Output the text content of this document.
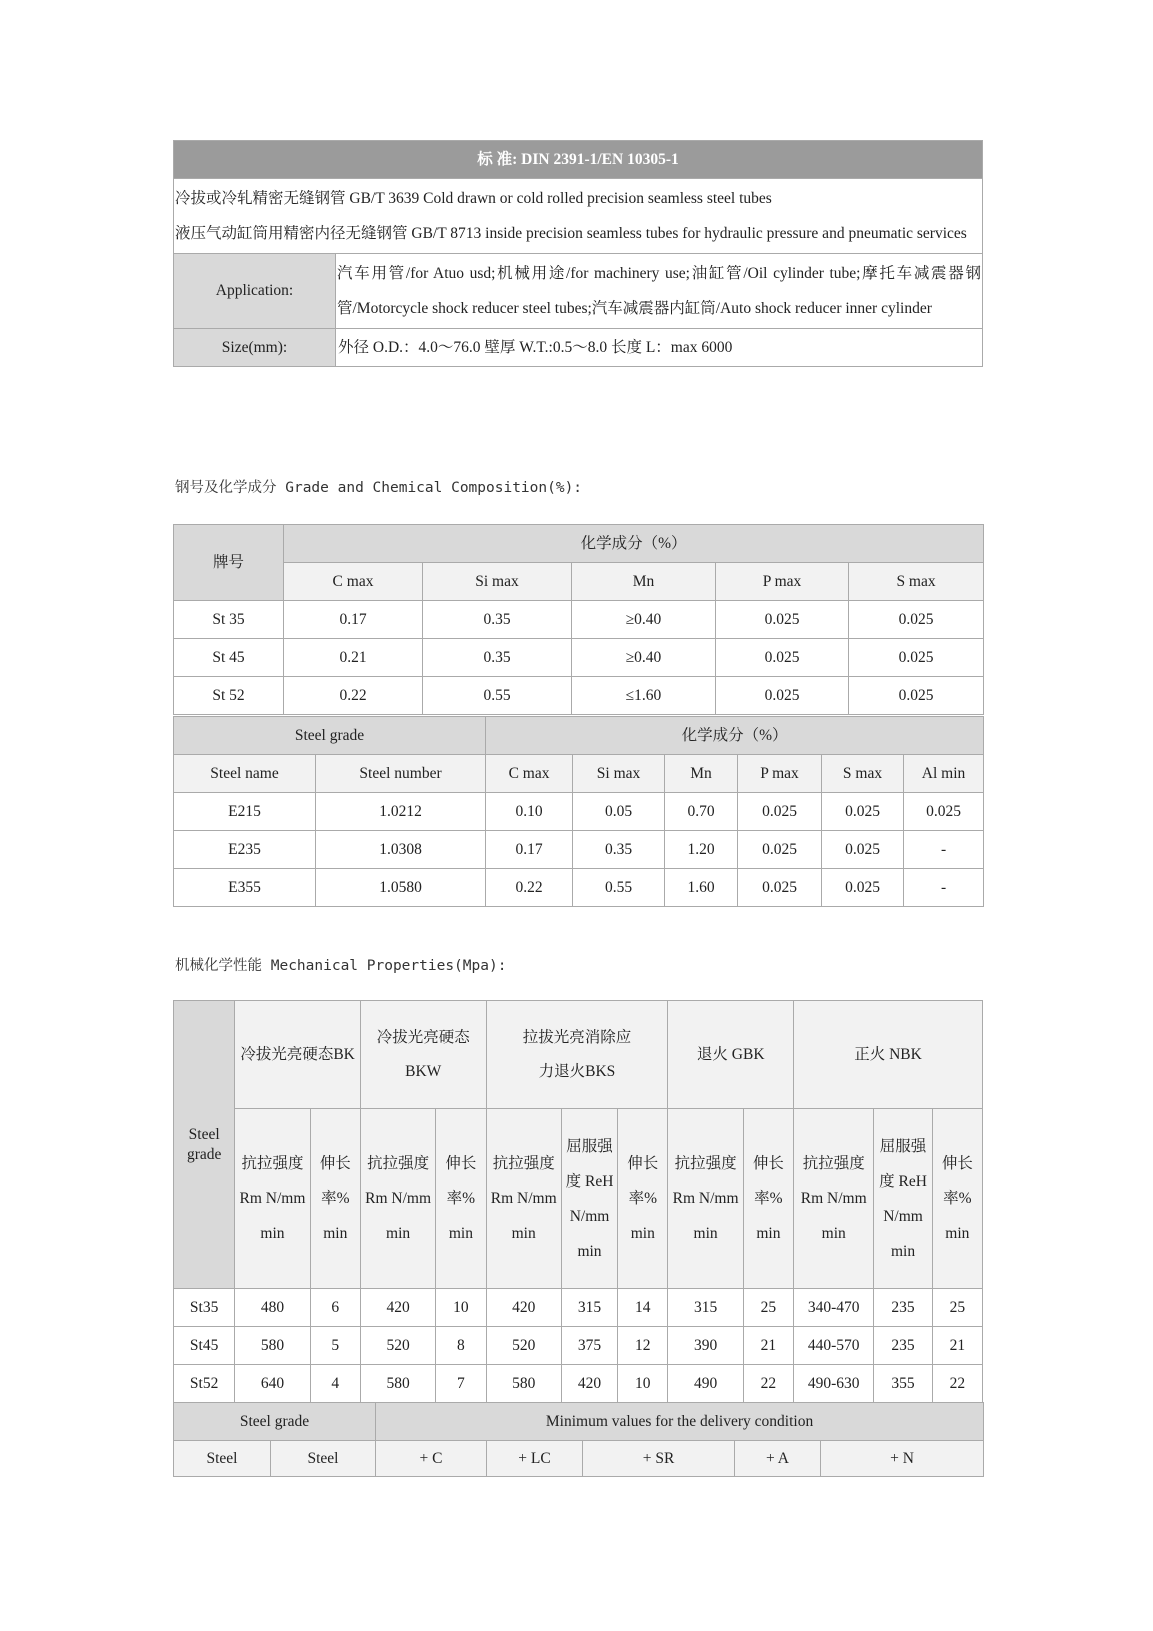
标 准: DIN 2391-1/EN 10305-1	

冷拔或冷轧精密无缝钢管 GB/T 3639 Cold drawn or cold rolled precision seamless steel tubes
液压气动缸筒用精密内径无缝钢管 GB/T 8713 inside precision seamless tubes for hydraulic pressure and pneumatic services	

Application:	汽车用管/for Atuo usd;机械用途/for machinery use;油缸管/Oil cylinder tube;摩托车减震器钢管/Motorcycle shock reducer steel tubes;汽车减震器内缸筒/Auto shock reducer inner cylinder
Size(mm):	外径 O.D.：4.0～76.0 壁厚 W.T.:0.5～8.0 长度 L：max 6000
钢号及化学成分 Grade and Chemical Composition(%):
牌号	化学成分（%）				
	C max	Si max	Mn	P max	S max
St 35	0.17	0.35	≥0.40	0.025	0.025
St 45	0.21	0.35	≥0.40	0.025	0.025
St 52	0.22	0.55	≤1.60	0.025	0.025
Steel grade		化学成分（%）					
Steel name	Steel number	C max	Si max	Mn	P max	S max	Al min
E215	1.0212	0.10	0.05	0.70	0.025	0.025	0.025
E235	1.0308	0.17	0.35	1.20	0.025	0.025	-
E355	1.0580	0.22	0.55	1.60	0.025	0.025	-
机械化学性能 Mechanical Properties(Mpa):
Steel grade	冷拔光亮硬态BK		冷拔光亮硬态BKW		拉拔光亮消除应力退火BKS			退火 GBK		正火 NBK		
	抗拉强度Rm N/mm min	伸长率% min	抗拉强度Rm N/mm min	伸长率% min	抗拉强度Rm N/mm min	屈服强度 ReH N/mm min	伸长率% min	抗拉强度Rm N/mm min	伸长率% min	抗拉强度Rm N/mm min	屈服强度 ReH N/mm min	伸长率% min
St35	480	6	420	10	420	315	14	315	25	340-470	235	25
St45	580	5	520	8	520	375	12	390	21	440-570	235	21
St52	640	4	580	7	580	420	10	490	22	490-630	355	22
Steel grade		Minimum values for the delivery condition				
Steel	Steel	+ C	+ LC	+ SR	+ A	+ N
